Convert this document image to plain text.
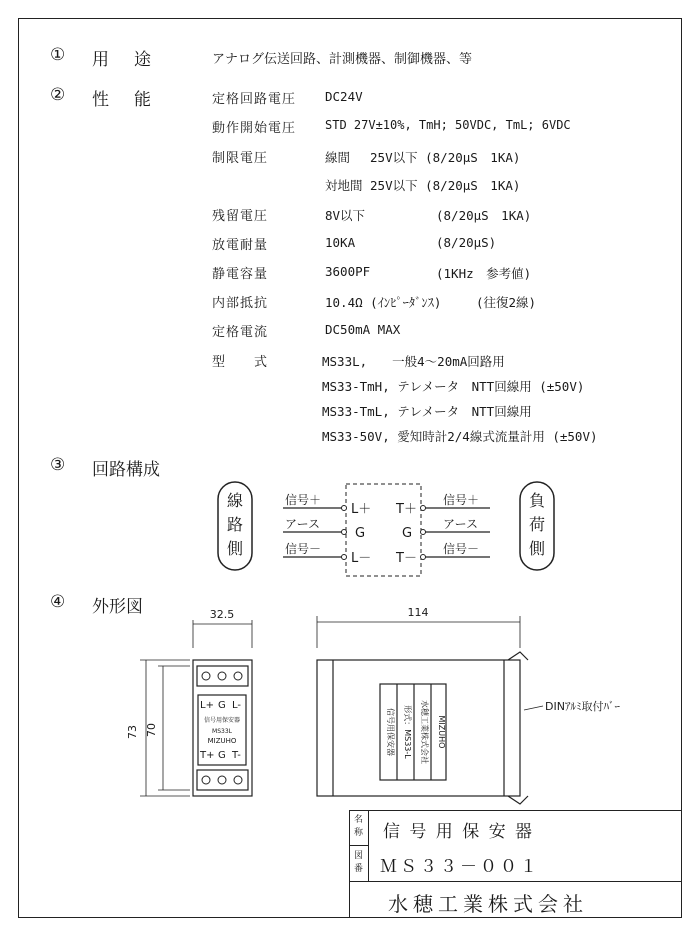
① 用　途	アナログ伝送回路、計測機器、制御機器、等
② 性　能	定格回路電圧 DC24V
動作開始電圧 STD 27V±10%, TmH; 50VDC, TmL; 6VDC
制限電圧	線間　 25V以下 (8/20μS　1KA)
対地間 25V以下 (8/20μS　1KA)
残留電圧	8V以下	(8/20μS　1KA)
放電耐量	10KA	(8/20μS)
静電容量	3600PF	(1KHz　参考値)
内部抵抗	10.4Ω (ｲﾝﾋﾟｰﾀﾞﾝｽ)	(往復2線)
定格電流	DC50mA MAX
型　　式	MS33L,　　一般4～20mA回路用
MS33-TmH, テレメータ　NTT回線用 (±50V)
MS33-TmL, テレメータ　NTT回線用
MS33-50V, 愛知時計2/4線式流量計用 (±50V)
③ 回路構成
線
路
側
負
荷
側
信号＋
アース
信号－
信号＋
アース
信号－
L＋
G
L－
T＋
G
T－
④ 外形図	32.5
73 70
L+ G L-
信号用保安器
MS33L
MIZUHO
T+ G T-
114
信号用保安器 形式：MS33-L 水穂工業株式会社 MIZUHO
DINｱﾙﾐ取付ﾊﾞｰ
名称 信 号 用 保 安 器
図番 ＭＳ３３－００１
水穂工業株式会社
